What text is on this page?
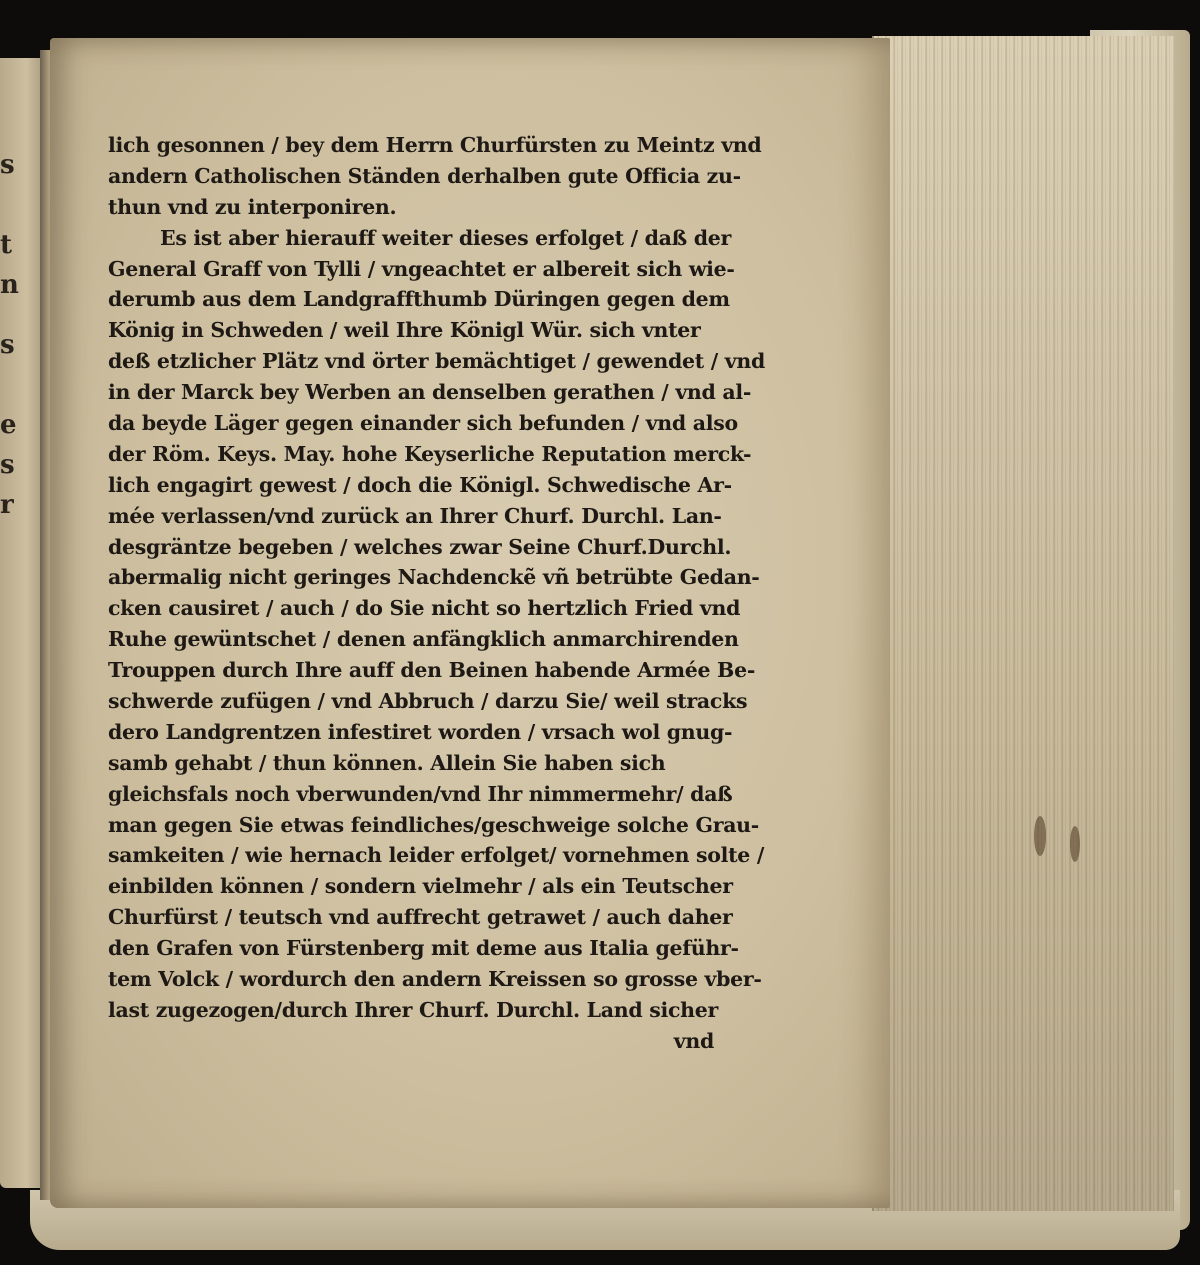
s
t
n
s
e
s
r
lich gesonnen / bey dem Herrn Churfürsten zu Meintz vnd
andern Catholischen Ständen derhalben gute Officia zu-
thun vnd zu interponiren.
Es ist aber hierauff weiter dieses erfolget / daß der
General Graff von Tylli / vngeachtet er albereit sich wie-
derumb aus dem Landgraffthumb Düringen gegen dem
König in Schweden / weil Ihre Königl Wür. sich vnter
deß etzlicher Plätz vnd örter bemächtiget / gewendet / vnd
in der Marck bey Werben an denselben gerathen / vnd al-
da beyde Läger gegen einander sich befunden / vnd also
der Röm. Keys. May. hohe Keyserliche Reputation merck-
lich engagirt gewest / doch die Königl. Schwedische Ar-
mée verlassen/vnd zurück an Ihrer Churf. Durchl. Lan-
desgräntze begeben / welches zwar Seine Churf.Durchl.
abermalig nicht geringes Nachdenckẽ vñ betrübte Gedan-
cken causiret / auch / do Sie nicht so hertzlich Fried vnd
Ruhe gewüntschet / denen anfängklich anmarchirenden
Trouppen durch Ihre auff den Beinen habende Armée Be-
schwerde zufügen / vnd Abbruch / darzu Sie/ weil stracks
dero Landgrentzen infestiret worden / vrsach wol gnug-
samb gehabt / thun können. Allein Sie haben sich
gleichsfals noch vberwunden/vnd Ihr nimmermehr/ daß
man gegen Sie etwas feindliches/geschweige solche Grau-
samkeiten / wie hernach leider erfolget/ vornehmen solte /
einbilden können / sondern vielmehr / als ein Teutscher
Churfürst / teutsch vnd auffrecht getrawet / auch daher
den Grafen von Fürstenberg mit deme aus Italia geführ-
tem Volck / wordurch den andern Kreissen so grosse vber-
last zugezogen/durch Ihrer Churf. Durchl. Land sicher
vnd
